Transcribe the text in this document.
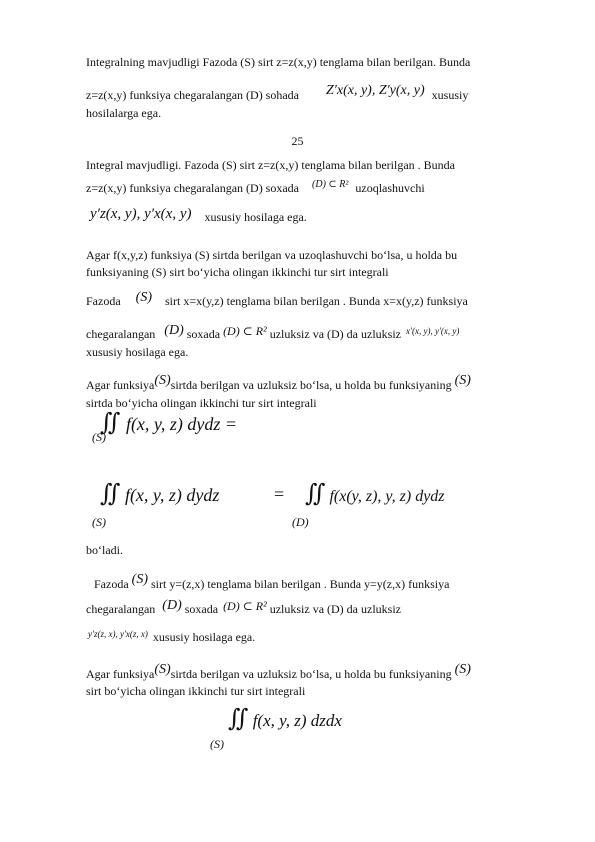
Integralning mavjudligi Fazoda (S) sirt z=z(x,y) tenglama bilan berilgan. Bunda
z=z(x,y) funksiya chegaralangan (D) sohada Z′x(x, y), Z′y(x, y) xususiy
hosilalarga ega.
25
Integral mavjudligi. Fazoda (S) sirt z=z(x,y) tenglama bilan berilgan . Bunda
z=z(x,y) funksiya chegaralangan (D) soxada (D) ⊂ R² uzoqlashuvchi
y′z(x, y), y′x(x, y) xususiy hosilaga ega.
Agar f(x,y,z) funksiya (S) sirtda berilgan va uzoqlashuvchi bo‘lsa, u holda bu
funksiyaning (S) sirt bo‘yicha olingan ikkinchi tur sirt integrali
Fazoda (S) sirt x=x(y,z) tenglama bilan berilgan . Bunda x=x(y,z) funksiya
chegaralangan (D) soxada (D) ⊂ R² uzluksiz va (D) da uzluksiz x′(x, y), y′(x, y)
xususiy hosilaga ega.
Agar funksiya(S)sirtda berilgan va uzluksiz bo‘lsa, u holda bu funksiyaning (S)
sirtda bo‘yicha olingan ikkinchi tur sirt integrali
∬ f(x, y, z) dydz =
(S)
∬ f(x, y, z) dydz
(S)
= ∬ f(x(y, z), y, z) dydz
(D)
bo‘ladi.
Fazoda (S) sirt y=(z,x) tenglama bilan berilgan . Bunda y=y(z,x) funksiya
chegaralangan (D) soxada (D) ⊂ R² uzluksiz va (D) da uzluksiz
y′z(z, x), y′x(z, x) xususiy hosilaga ega.
Agar funksiya(S)sirtda berilgan va uzluksiz bo‘lsa, u holda bu funksiyaning (S)
sirt bo‘yicha olingan ikkinchi tur sirt integrali
∬ f(x, y, z) dzdx
(S)
